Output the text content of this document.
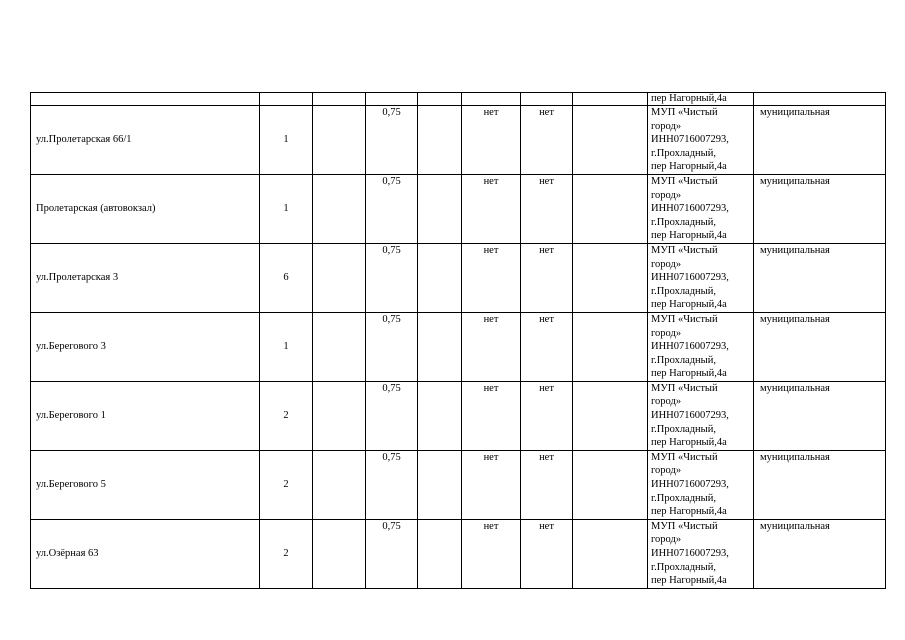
								пер Нагорный,4а	
ул.Пролетарская 66/1	1		0,75		нет	нет		МУП «Чистый
город»
ИНН0716007293,
г.Прохладный,
пер Нагорный,4а	муниципальная
Пролетарская (автовокзал)	1		0,75		нет	нет		МУП «Чистый
город»
ИНН0716007293,
г.Прохладный,
пер Нагорный,4а	муниципальная
ул.Пролетарская 3	6		0,75		нет	нет		МУП «Чистый
город»
ИНН0716007293,
г.Прохладный,
пер Нагорный,4а	муниципальная
ул.Берегового 3	1		0,75		нет	нет		МУП «Чистый
город»
ИНН0716007293,
г.Прохладный,
пер Нагорный,4а	муниципальная
ул.Берегового 1	2		0,75		нет	нет		МУП «Чистый
город»
ИНН0716007293,
г.Прохладный,
пер Нагорный,4а	муниципальная
ул.Берегового 5	2		0,75		нет	нет		МУП «Чистый
город»
ИНН0716007293,
г.Прохладный,
пер Нагорный,4а	муниципальная
ул.Озёрная 63	2		0,75		нет	нет		МУП «Чистый
город»
ИНН0716007293,
г.Прохладный,
пер Нагорный,4а	муниципальная
